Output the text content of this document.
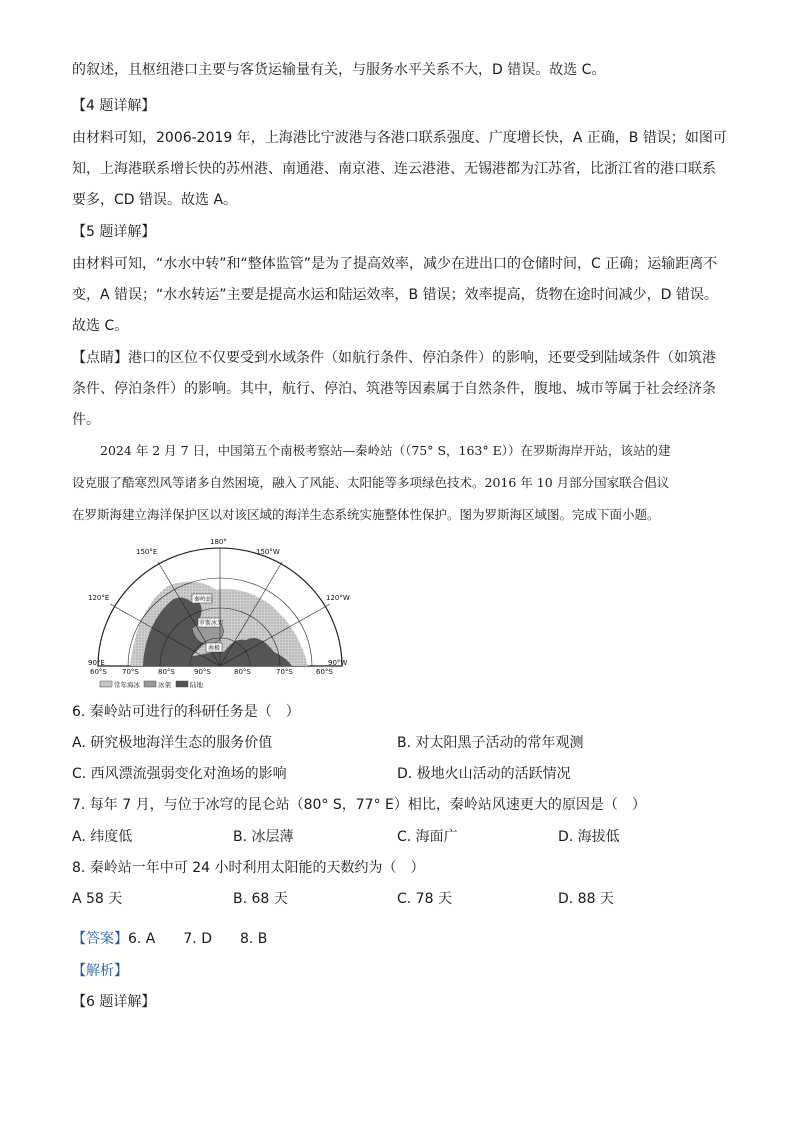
的叙述，且枢纽港口主要与客货运输量有关，与服务水平关系不大，D 错误。故选 C。
【4 题详解】
由材料可知，2006-2019 年，上海港比宁波港与各港口联系强度、广度增长快，A 正确，B 错误；如图可
知，上海港联系增长快的苏州港、南通港、南京港、连云港港、无锡港都为江苏省，比浙江省的港口联系
要多，CD 错误。故选 A。
【5 题详解】
由材料可知，“水水中转”和“整体监管”是为了提高效率，减少在进出口的仓储时间，C 正确；运输距离不
变，A 错误；“水水转运”主要是提高水运和陆运效率，B 错误；效率提高，货物在途时间减少，D 错误。
故选 C。
【点睛】港口的区位不仅要受到水域条件（如航行条件、停泊条件）的影响，还要受到陆域条件（如筑港
条件、停泊条件）的影响。其中，航行、停泊、筑港等因素属于自然条件，腹地、城市等属于社会经济条
件。
2024 年 2 月 7 日，中国第五个南极考察站—秦岭站（（75° S，163° E））在罗斯海岸开站，该站的建
设克服了酷寒烈风等诸多自然困境，融入了风能、太阳能等多项绿色技术。2016 年 10 月部分国家联合倡议
在罗斯海建立海洋保护区以对该区域的海洋生态系统实施整体性保护。图为罗斯海区域图。完成下面小题。
秦岭站
罗斯冰架
南极
180°
150°E	150°W
120°E	120°W
90°E	90°W
60°S 70°S	80°S	90°S	80°S	70°S	60°S
常年海冰	冰架	陆地
6. 秦岭站可进行的科研任务是（　）
A. 研究极地海洋生态的服务价值	B. 对太阳黑子活动的常年观测
C. 西风漂流强弱变化对渔场的影响	D. 极地火山活动的活跃情况
7. 每年 7 月，与位于冰穹的昆仑站（80° S，77° E）相比，秦岭站风速更大的原因是（　）
A. 纬度低	B. 冰层薄	C. 海面广	D. 海拔低
8. 秦岭站一年中可 24 小时利用太阳能的天数约为（　）
A 58 天	B. 68 天	C. 78 天	D. 88 天
【答案】6. A　　7. D　　8. B
【解析】
【6 题详解】
